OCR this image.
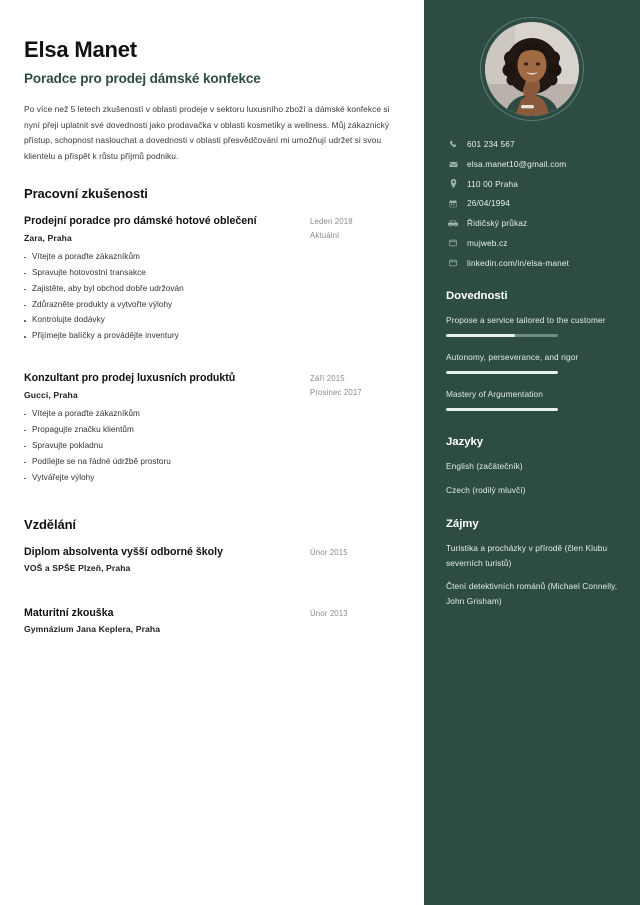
Elsa Manet
Poradce pro prodej dámské konfekce

Po více než 5 letech zkušeností v oblasti prodeje v sektoru luxusního zboží a dámské konfekce si nyní přeji uplatnit své dovednosti jako prodavačka v oblasti kosmetiky a wellness. Můj zákaznický přístup, schopnost naslouchat a dovednosti v oblasti přesvědčování mi umožňují udržet si svou klientelu a přispět k růstu příjmů podniku.

Pracovní zkušenosti
Prodejní poradce pro dámské hotové oblečení
Zara, Praha
Vítejte a poraďte zákazníkům
Spravujte hotovostní transakce
Zajistěte, aby byl obchod dobře udržován
Zdůrazněte produkty a vytvořte výlohy
Kontrolujte dodávky
Přijímejte balíčky a provádějte inventury
Leden 2018
Aktuální
Konzultant pro prodej luxusních produktů
Gucci, Praha
Vítejte a poraďte zákazníkům
Propagujte značku klientům
Spravujte pokladnu
Podílejte se na řádné údržbě prostoru
Vytvářejte výlohy
Září 2015
Prosinec 2017
Vzdělání
Diplom absolventa vyšší odborné školy
VOŠ a SPŠE Plzeň, Praha
Únor 2015
Maturitní zkouška
Gymnázium Jana Keplera, Praha
Únor 2013
601 234 567
elsa.manet10@gmail.com
110 00 Praha
26/04/1994
Řidičský průkaz
mujweb.cz
linkedin.com/in/elsa-manet
Dovednosti
Propose a service tailored to the customer
Autonomy, perseverance, and rigor
Mastery of Argumentation
Jazyky
English (začátečník)
Czech (rodilý mluvčí)
Zájmy
Turistika a procházky v přírodě (člen Klubu severních turistů)
Čtení detektivních románů (Michael Connelly, John Grisham)
